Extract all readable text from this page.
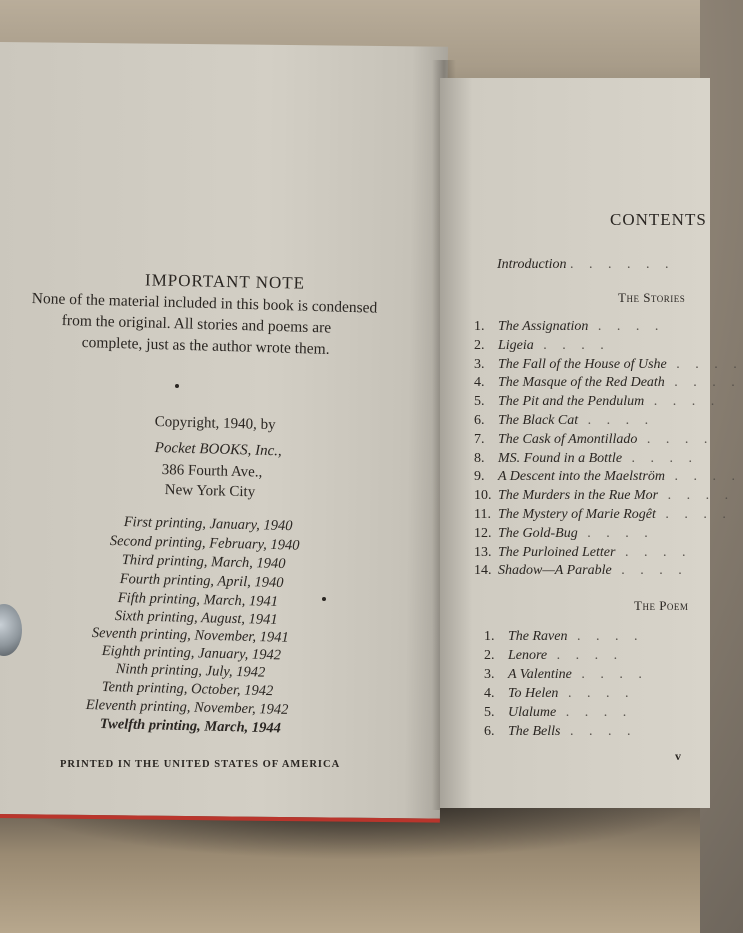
IMPORTANT NOTE
None of the material included in this book is condensed
from the original. All stories and poems are
complete, just as the author wrote them.
Copyright, 1940, by
Pocket BOOKS, Inc.,
386 Fourth Ave.,
New York City
First printing, January, 1940
Second printing, February, 1940
Third printing, March, 1940
Fourth printing, April, 1940
Fifth printing, March, 1941
Sixth printing, August, 1941
Seventh printing, November, 1941
Eighth printing, January, 1942
Ninth printing, July, 1942
Tenth printing, October, 1942
Eleventh printing, November, 1942
Twelfth printing, March, 1944
PRINTED IN THE UNITED STATES OF AMERICA
CONTENTS
Introduction . . . . . .
The Stories
1. The Assignation . . . .
2. Ligeia . . . .
3. The Fall of the House of Ushe . . . .
4. The Masque of the Red Death . . . .
5. The Pit and the Pendulum . . . .
6. The Black Cat . . . .
7. The Cask of Amontillado . . . .
8. MS. Found in a Bottle . . . .
9. A Descent into the Maelström . . . .
10. The Murders in the Rue Mor . . . .
11. The Mystery of Marie Rogêt . . . .
12. The Gold-Bug . . . .
13. The Purloined Letter . . . .
14. Shadow—A Parable . . . .
The Poem
1. The Raven . . . .
2. Lenore . . . .
3. A Valentine . . . .
4. To Helen . . . .
5. Ulalume . . . .
6. The Bells . . . .
v
